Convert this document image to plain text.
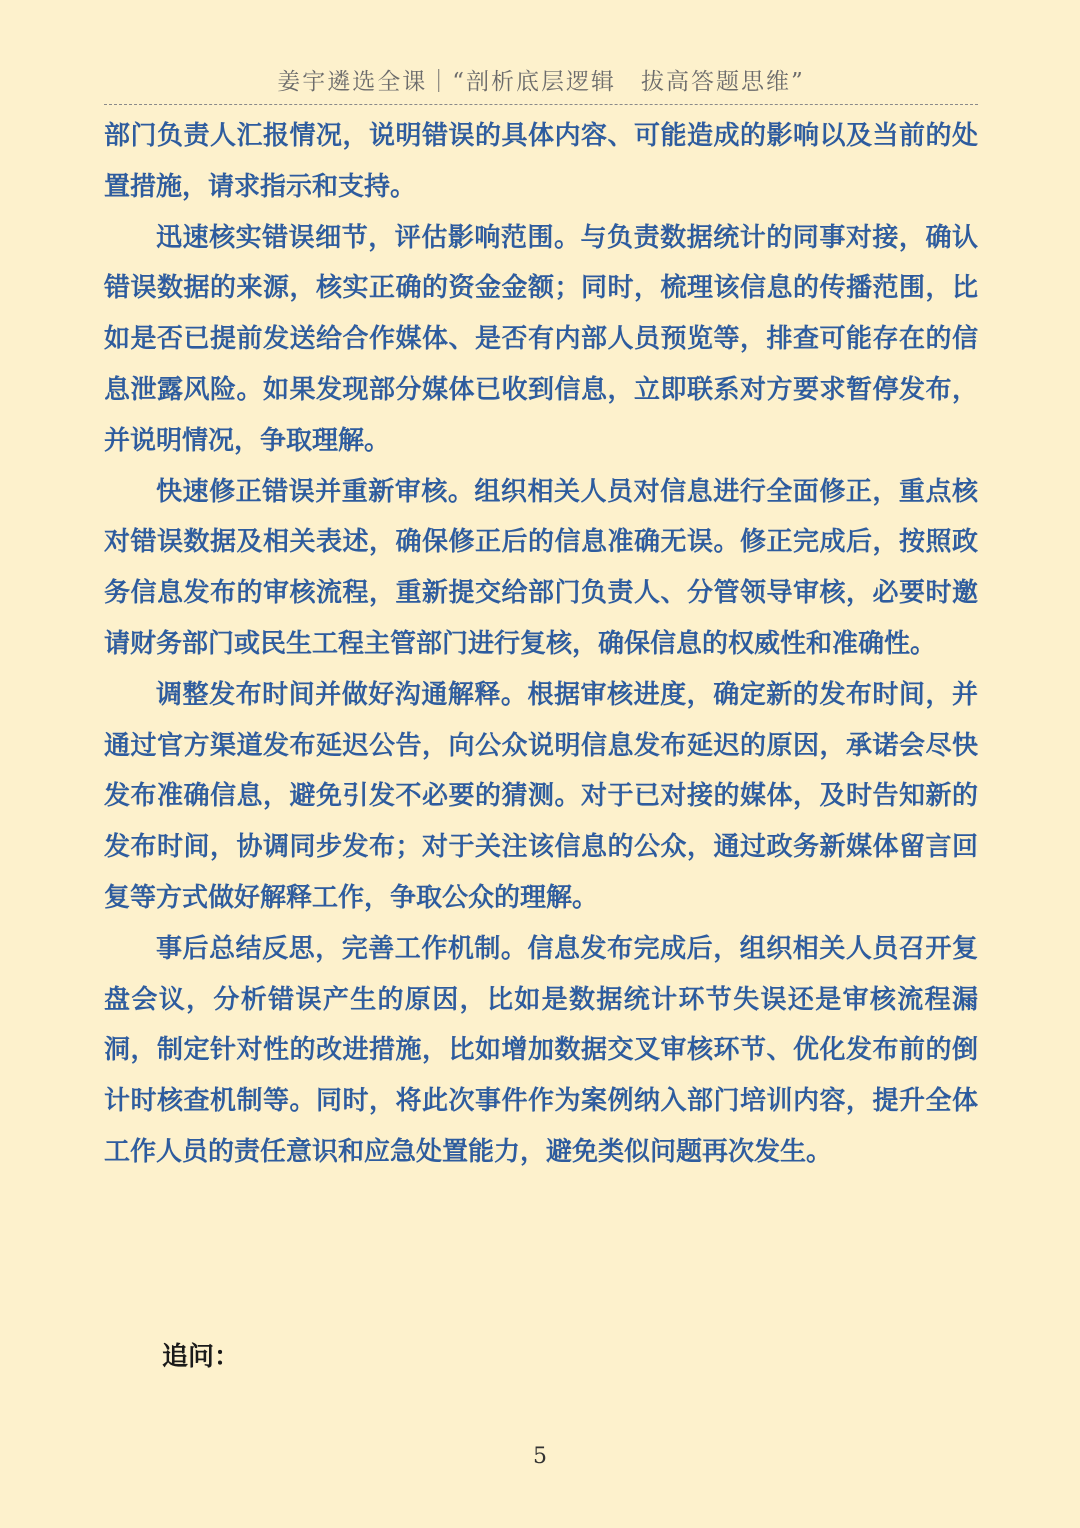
姜宇遴选全课｜“剖析底层逻辑　拔高答题思维”

部门负责人汇报情况，说明错误的具体内容、可能造成的影响以及当前的处置措施，请求指示和支持。

迅速核实错误细节，评估影响范围。与负责数据统计的同事对接，确认错误数据的来源，核实正确的资金金额；同时，梳理该信息的传播范围，比如是否已提前发送给合作媒体、是否有内部人员预览等，排查可能存在的信息泄露风险。如果发现部分媒体已收到信息，立即联系对方要求暂停发布，并说明情况，争取理解。

快速修正错误并重新审核。组织相关人员对信息进行全面修正，重点核对错误数据及相关表述，确保修正后的信息准确无误。修正完成后，按照政务信息发布的审核流程，重新提交给部门负责人、分管领导审核，必要时邀请财务部门或民生工程主管部门进行复核，确保信息的权威性和准确性。

调整发布时间并做好沟通解释。根据审核进度，确定新的发布时间，并通过官方渠道发布延迟公告，向公众说明信息发布延迟的原因，承诺会尽快发布准确信息，避免引发不必要的猜测。对于已对接的媒体，及时告知新的发布时间，协调同步发布；对于关注该信息的公众，通过政务新媒体留言回复等方式做好解释工作，争取公众的理解。

事后总结反思，完善工作机制。信息发布完成后，组织相关人员召开复盘会议，分析错误产生的原因，比如是数据统计环节失误还是审核流程漏洞，制定针对性的改进措施，比如增加数据交叉审核环节、优化发布前的倒计时核查机制等。同时，将此次事件作为案例纳入部门培训内容，提升全体工作人员的责任意识和应急处置能力，避免类似问题再次发生。

追问：
5
